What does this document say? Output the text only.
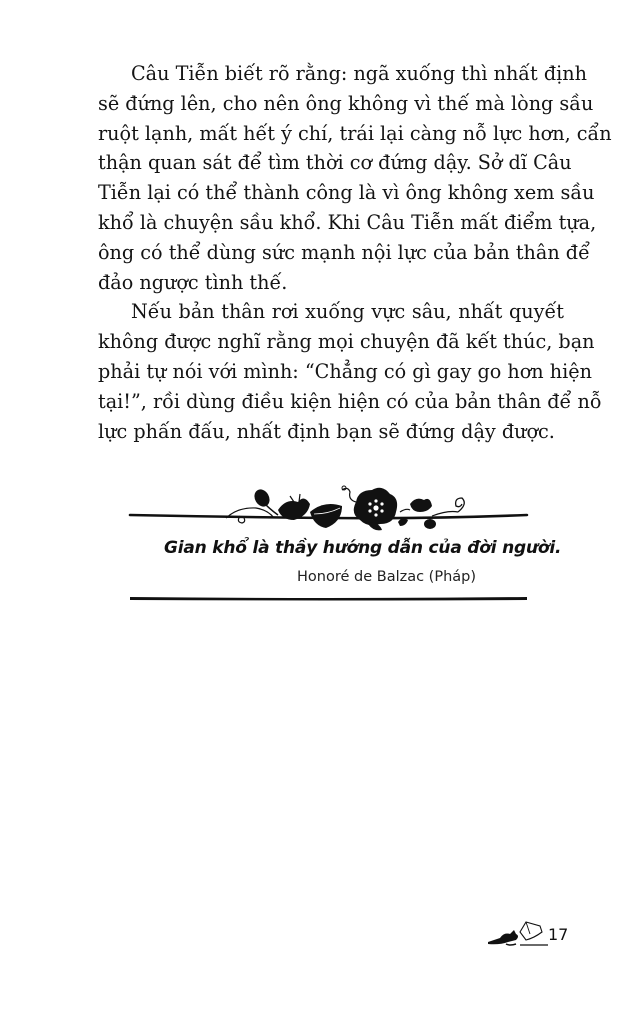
Câu Tiễn biết rõ rằng: ngã xuống thì nhất định
sẽ đứng lên, cho nên ông không vì thế mà lòng sầu
ruột lạnh, mất hết ý chí, trái lại càng nỗ lực hơn, cẩn
thận quan sát để tìm thời cơ đứng dậy. Sở dĩ Câu
Tiễn lại có thể thành công là vì ông không xem sầu
khổ là chuyện sầu khổ. Khi Câu Tiễn mất điểm tựa,
ông có thể dùng sức mạnh nội lực của bản thân để
đảo ngược tình thế.
Nếu bản thân rơi xuống vực sâu, nhất quyết
không được nghĩ rằng mọi chuyện đã kết thúc, bạn
phải tự nói với mình: “Chẳng có gì gay go hơn hiện
tại!”, rồi dùng điều kiện hiện có của bản thân để nỗ
lực phấn đấu, nhất định bạn sẽ đứng dậy được.
Gian khổ là thầy hướng dẫn của đời người.
Honoré de Balzac (Pháp)
17
